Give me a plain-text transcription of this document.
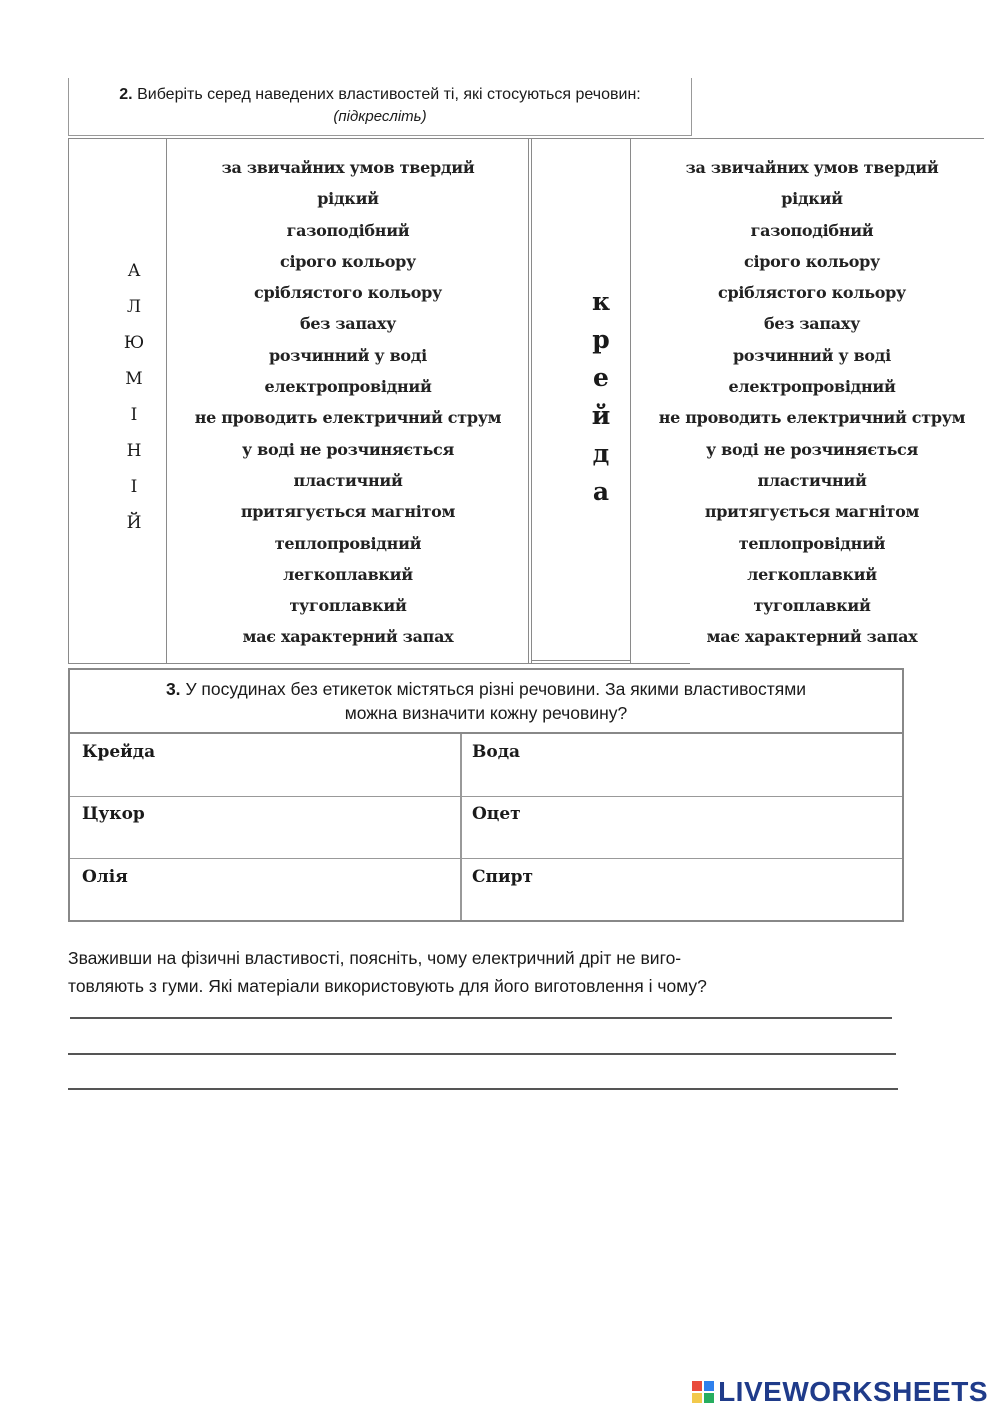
2. Виберіть серед наведених властивостей ті, які стосуються речовин:
(підкресліть)
А
Л
Ю
М
І
Н
І
Й
за звичайних умов твердий
рідкий
газоподібний
сірого кольору
сріблястого кольору
без запаху
розчинний у воді
електропровідний
не проводить електричний струм
у воді не розчиняється
пластичний
притягується магнітом
теплопровідний
легкоплавкий
тугоплавкий
має характерний запах
к
р
е
й
д
а
за звичайних умов твердий
рідкий
газоподібний
сірого кольору
сріблястого кольору
без запаху
розчинний у воді
електропровідний
не проводить електричний струм
у воді не розчиняється
пластичний
притягується магнітом
теплопровідний
легкоплавкий
тугоплавкий
має характерний запах
3. У посудинах без етикеток містяться різні речовини. За якими властивостями
можна визначити кожну речовину?
Крейда	Вода
Цукор	Оцет
Олія	Спирт
Зваживши на фізичні властивості, поясніть, чому електричний дріт не виго-
товляють з гуми. Які матеріали використовують для його виготовлення і чому?
LIVEWORKSHEETS
